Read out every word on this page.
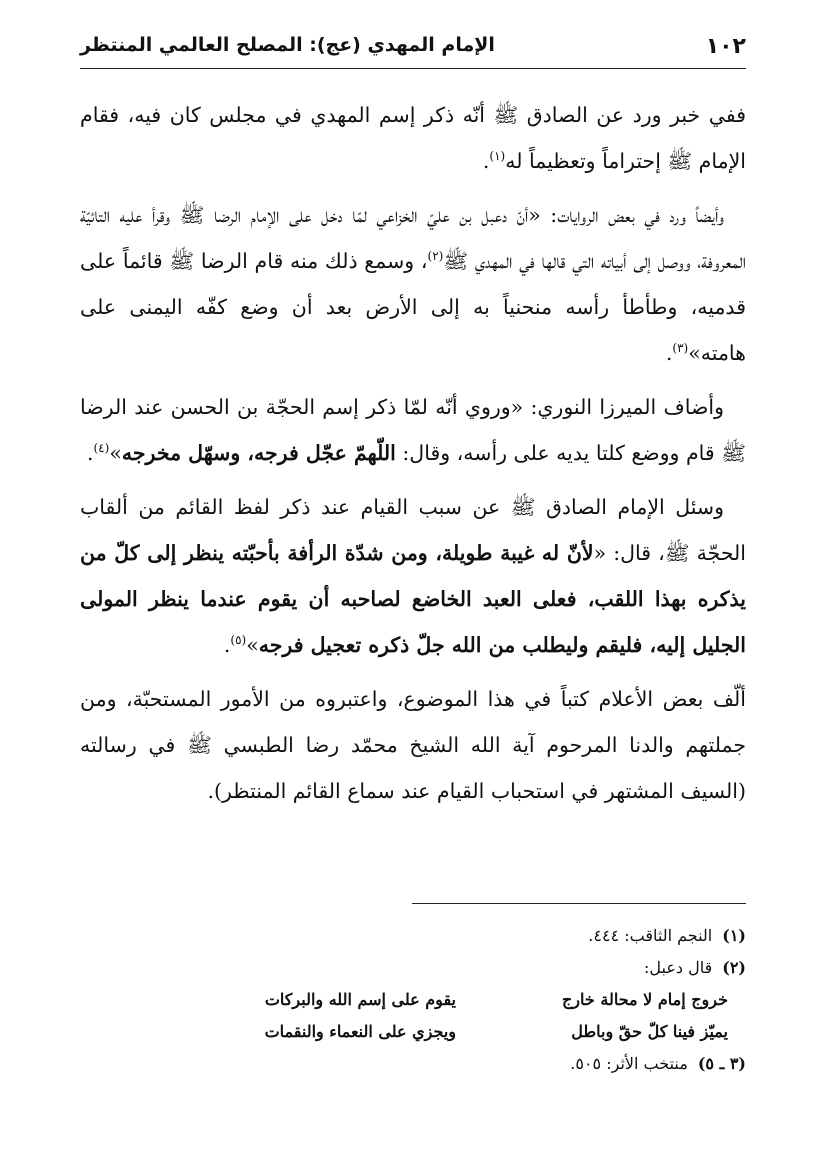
١٠٢
الإمام المهدي (عج): المصلح العالمي المنتظر

ففي خبر ورد عن الصادق ﷺ أنّه ذكر إسم المهدي في مجلس كان فيه، فقام الإمام ﷺ إحتراماً وتعظيماً له$^{(١)}$.

وأيضاً ورد في بعض الروايات: «أنّ دعبل بن عليّ الخزاعي لمّا دخل على الإمام الرضا ﷺ وقرأ عليه التائيّة المعروفة، ووصل إلى أبياته التي قالها في المهدي ﷺ$^{(٢)}$، وسمع ذلك منه قام الرضا ﷺ قائماً على قدميه، وطأطأ رأسه منحنياً به إلى الأرض بعد أن وضع كفّه اليمنى على هامته»$^{(٣)}$.

وأضاف الميرزا النوري: «وروي أنّه لمّا ذكر إسم الحجّة بن الحسن عند الرضا ﷺ قام ووضع كلتا يديه على رأسه، وقال: اللّهمّ عجّل فرجه، وسهّل مخرجه»$^{(٤)}$.

وسئل الإمام الصادق ﷺ عن سبب القيام عند ذكر لفظ القائم من ألقاب الحجّة ﷺ، قال: «لأنّ له غيبة طويلة، ومن شدّة الرأفة بأحبّته ينظر إلى كلّ من يذكره بهذا اللقب، فعلى العبد الخاضع لصاحبه أن يقوم عندما ينظر المولى الجليل إليه، فليقم وليطلب من الله جلّ ذكره تعجيل فرجه»$^{(٥)}$.

ألّف بعض الأعلام كتباً في هذا الموضوع، واعتبروه من الأمور المستحبّة، ومن جملتهم والدنا المرحوم آية الله الشيخ محمّد رضا الطبسي ﷺ في رسالته (السيف المشتهر في استحباب القيام عند سماع القائم المنتظر).

(١)النجم الثاقب: ٤٤٤.
(٢)قال دعبل:
خروج إمام لا محالة خارج
يقوم على إسم الله والبركات
يميّز فينا كلّ حقّ وباطل
ويجزي على النعماء والنقمات
(٣ ـ ٥)منتخب الأثر: ٥٠٥.
